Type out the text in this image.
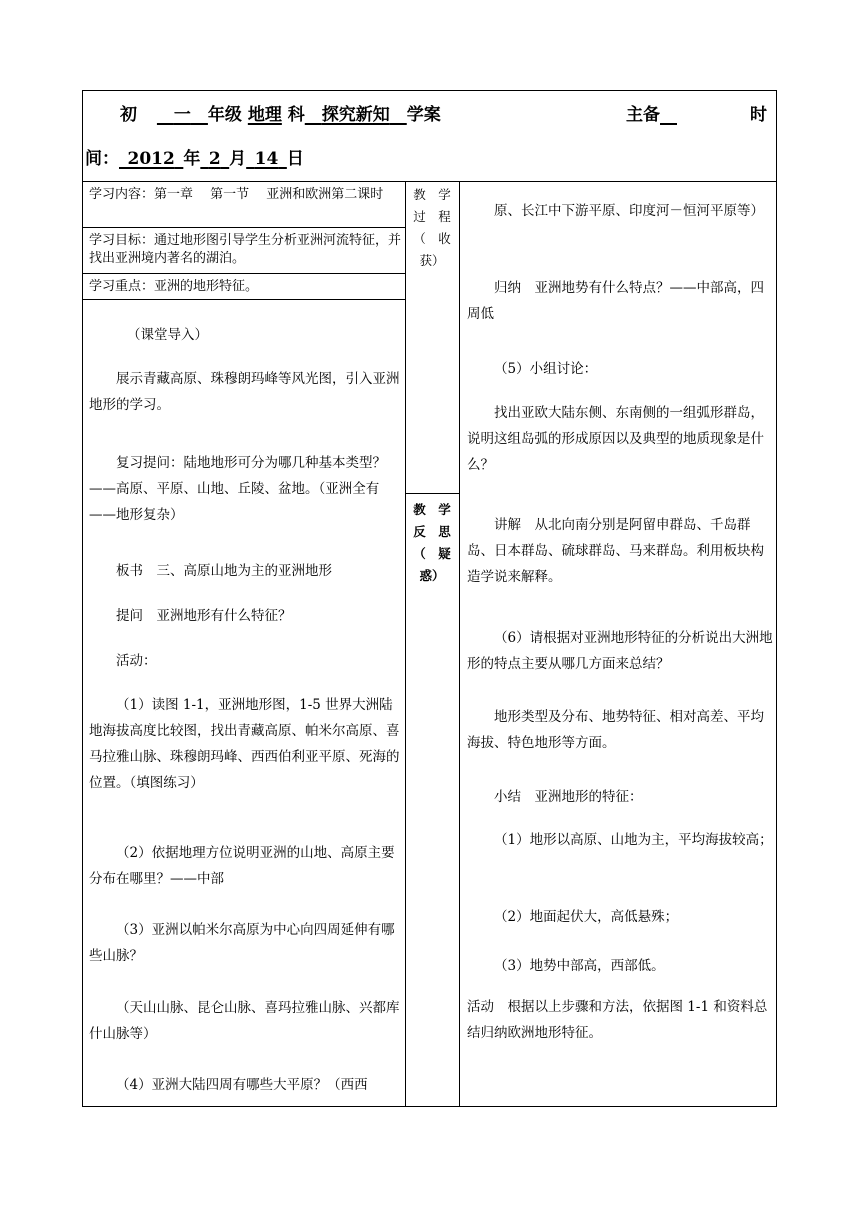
初   一  年级 地理 科  探究新知  学案	主备 	时
间：  2012  年  2  月  14  日
学习内容：第一章　 第一节　 亚洲和欧洲第二课时
学习目标：通过地形图引导学生分析亚洲河流特征，并找出亚洲境内著名的湖泊。
学习重点：亚洲的地形特征。
（课堂导入）
展示青藏高原、珠穆朗玛峰等风光图，引入亚洲地形的学习。
复习提问：陆地地形可分为哪几种基本类型？——高原、平原、山地、丘陵、盆地。（亚洲全有——地形复杂）
板书　三、高原山地为主的亚洲地形
提问　亚洲地形有什么特征？
活动：
（1）读图 1-1，亚洲地形图，1-5 世界大洲陆地海拔高度比较图，找出青藏高原、帕米尔高原、喜马拉雅山脉、珠穆朗玛峰、西西伯利亚平原、死海的位置。（填图练习）
（2）依据地理方位说明亚洲的山地、高原主要分布在哪里？——中部
（3）亚洲以帕米尔高原为中心向四周延伸有哪些山脉？
（天山山脉、昆仑山脉、喜玛拉雅山脉、兴都库什山脉等）
（4）亚洲大陆四周有哪些大平原？（西西
教　学
过　程
（　收
获）
教　学
反　思
（　疑
惑）
原、长江中下游平原、印度河－恒河平原等）
归纳　亚洲地势有什么特点？——中部高，四周低
（5）小组讨论：
找出亚欧大陆东侧、东南侧的一组弧形群岛，说明这组岛弧的形成原因以及典型的地质现象是什么？
讲解　从北向南分别是阿留申群岛、千岛群岛、日本群岛、硫球群岛、马来群岛。利用板块构造学说来解释。
（6）请根据对亚洲地形特征的分析说出大洲地形的特点主要从哪几方面来总结？
地形类型及分布、地势特征、相对高差、平均海拔、特色地形等方面。
小结　亚洲地形的特征：
（1）地形以高原、山地为主，平均海拔较高；
（2）地面起伏大，高低悬殊；
（3）地势中部高，西部低。
活动　根据以上步骤和方法，依据图 1-1 和资料总结归纳欧洲地形特征。
